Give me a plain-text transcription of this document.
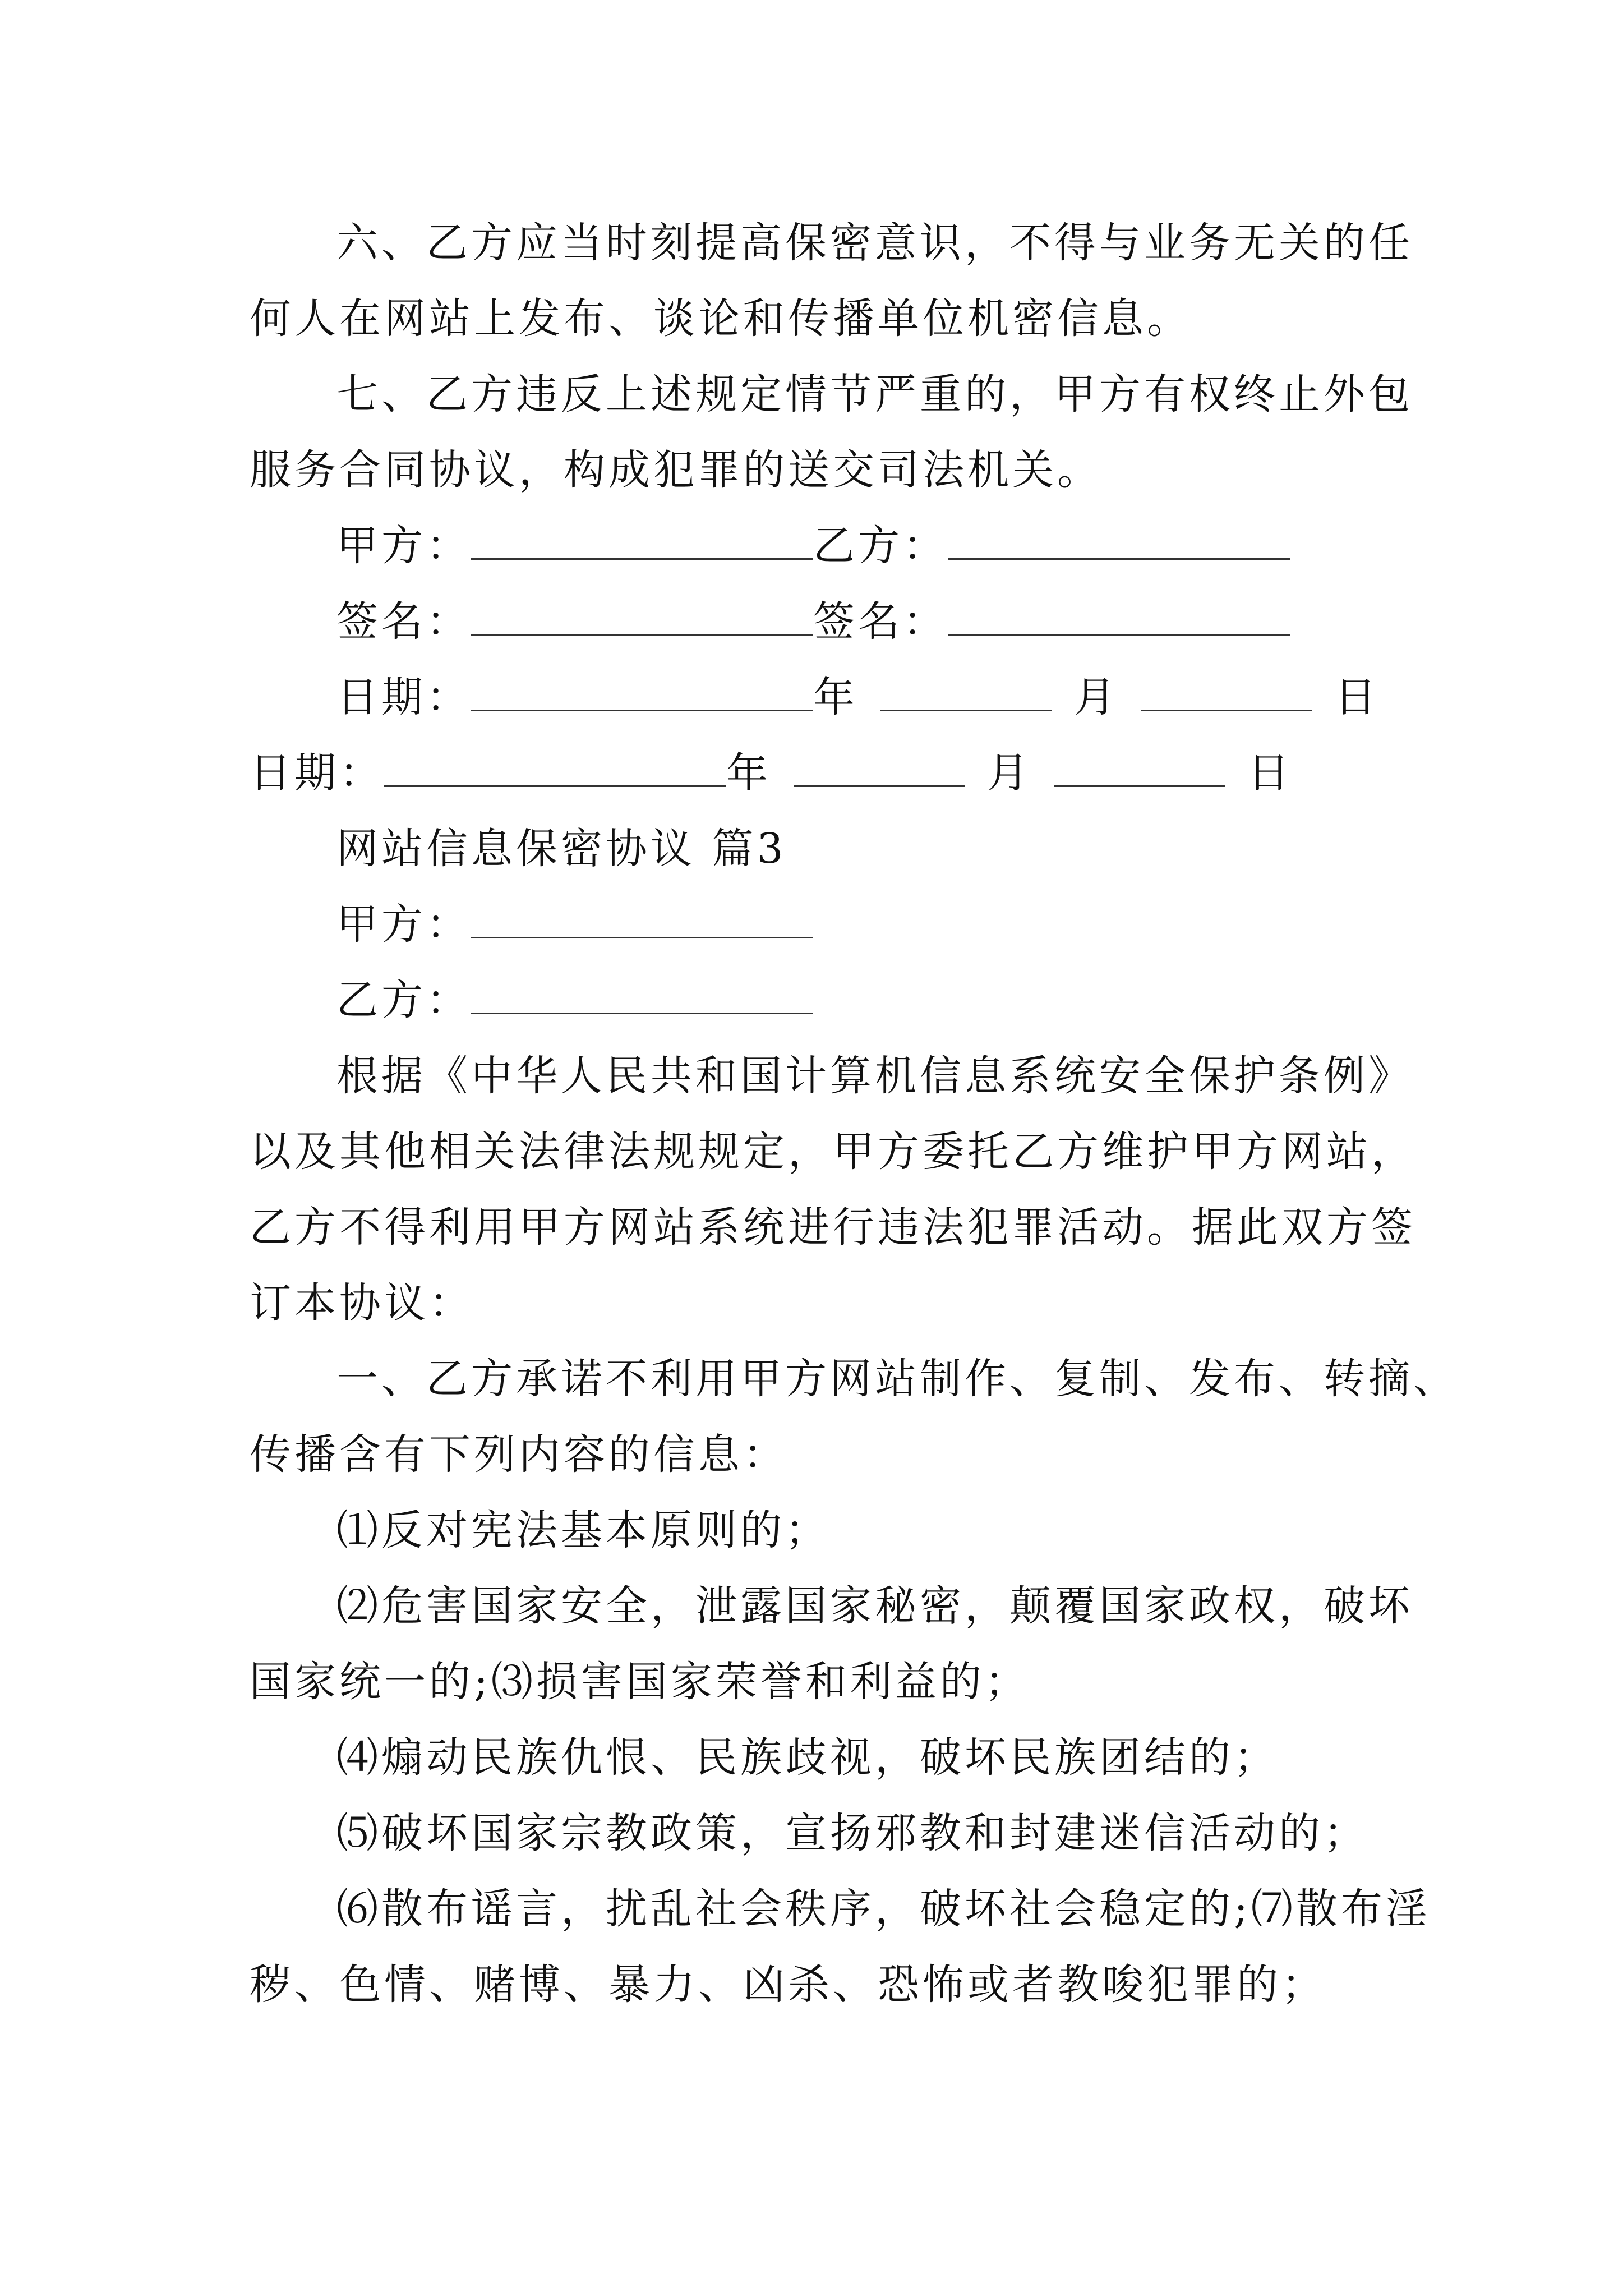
六、乙方应当时刻提高保密意识，不得与业务无关的任
何人在网站上发布、谈论和传播单位机密信息。
七、乙方违反上述规定情节严重的，甲方有权终止外包
服务合同协议，构成犯罪的送交司法机关。
甲方：	乙方：
签名：	签名：
日期：	年	月	日
日期：	年	月	日
网站信息保密协议 篇3
甲方：
乙方：
根据《中华人民共和国计算机信息系统安全保护条例》
以及其他相关法律法规规定，甲方委托乙方维护甲方网站，
乙方不得利用甲方网站系统进行违法犯罪活动。据此双方签
订本协议：
一、乙方承诺不利用甲方网站制作、复制、发布、转摘、
传播含有下列内容的信息：
⑴反对宪法基本原则的；
⑵危害国家安全，泄露国家秘密，颠覆国家政权，破坏
国家统一的;⑶损害国家荣誉和利益的；
⑷煽动民族仇恨、民族歧视，破坏民族团结的；
⑸破坏国家宗教政策，宣扬邪教和封建迷信活动的；
⑹散布谣言，扰乱社会秩序，破坏社会稳定的;⑺散布淫
秽、色情、赌博、暴力、凶杀、恐怖或者教唆犯罪的；
